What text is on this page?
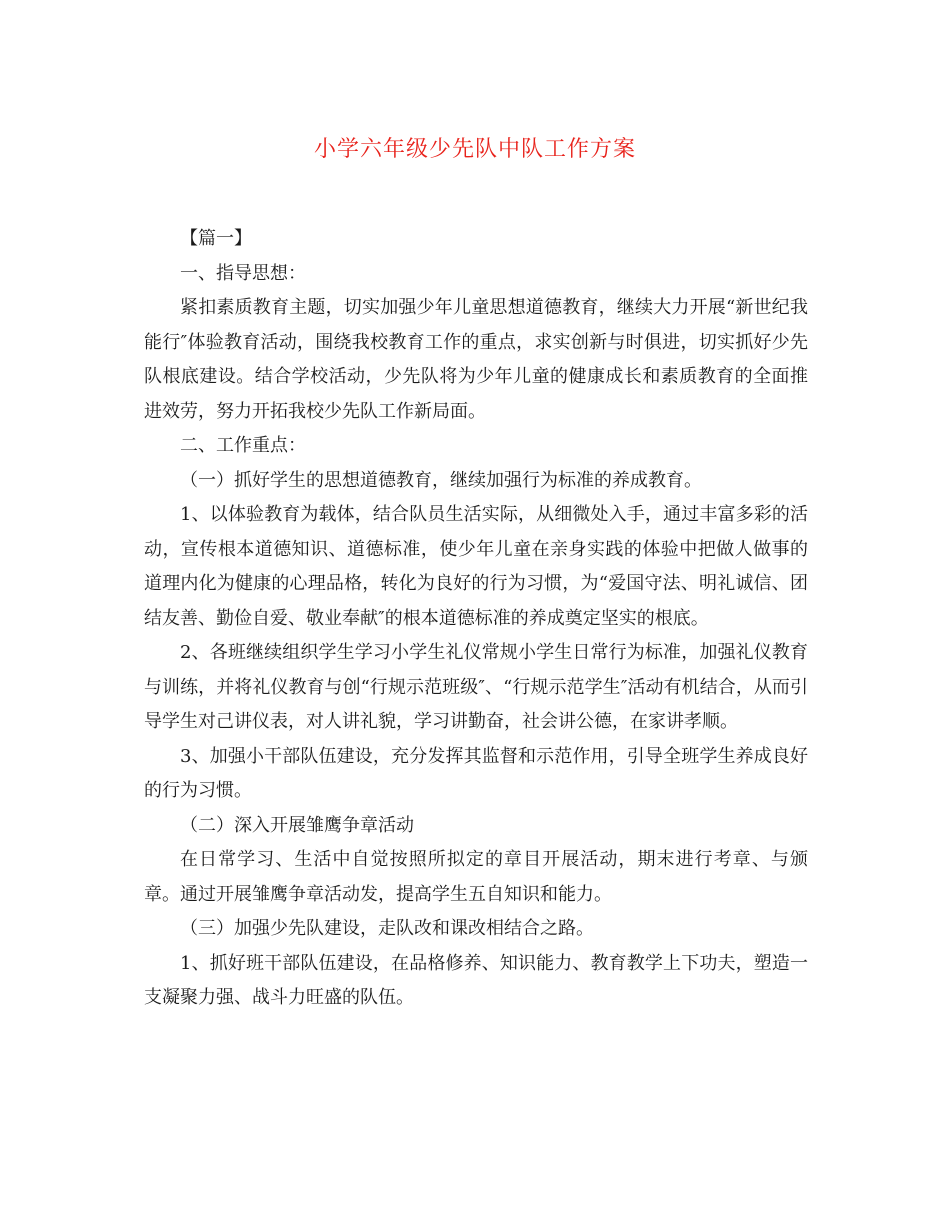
小学六年级少先队中队工作方案

【篇一】

一、指导思想：

紧扣素质教育主题，切实加强少年儿童思想道德教育，继续大力开展“新世纪我能行″体验教育活动，围绕我校教育工作的重点，求实创新与时俱进，切实抓好少先队根底建设。结合学校活动，少先队将为少年儿童的健康成长和素质教育的全面推进效劳，努力开拓我校少先队工作新局面。

二、工作重点：

（一）抓好学生的思想道德教育，继续加强行为标准的养成教育。

1、以体验教育为载体，结合队员生活实际，从细微处入手，通过丰富多彩的活动，宣传根本道德知识、道德标准，使少年儿童在亲身实践的体验中把做人做事的道理内化为健康的心理品格，转化为良好的行为习惯，为“爱国守法、明礼诚信、团结友善、勤俭自爱、敬业奉献″的根本道德标准的养成奠定坚实的根底。

2、各班继续组织学生学习小学生礼仪常规小学生日常行为标准，加强礼仪教育与训练，并将礼仪教育与创“行规示范班级″、“行规示范学生″活动有机结合，从而引导学生对己讲仪表，对人讲礼貌，学习讲勤奋，社会讲公德，在家讲孝顺。

3、加强小干部队伍建设，充分发挥其监督和示范作用，引导全班学生养成良好的行为习惯。

（二）深入开展雏鹰争章活动

在日常学习、生活中自觉按照所拟定的章目开展活动，期末进行考章、与颁章。通过开展雏鹰争章活动发，提高学生五自知识和能力。

（三）加强少先队建设，走队改和课改相结合之路。

1、抓好班干部队伍建设，在品格修养、知识能力、教育教学上下功夫，塑造一支凝聚力强、战斗力旺盛的队伍。
